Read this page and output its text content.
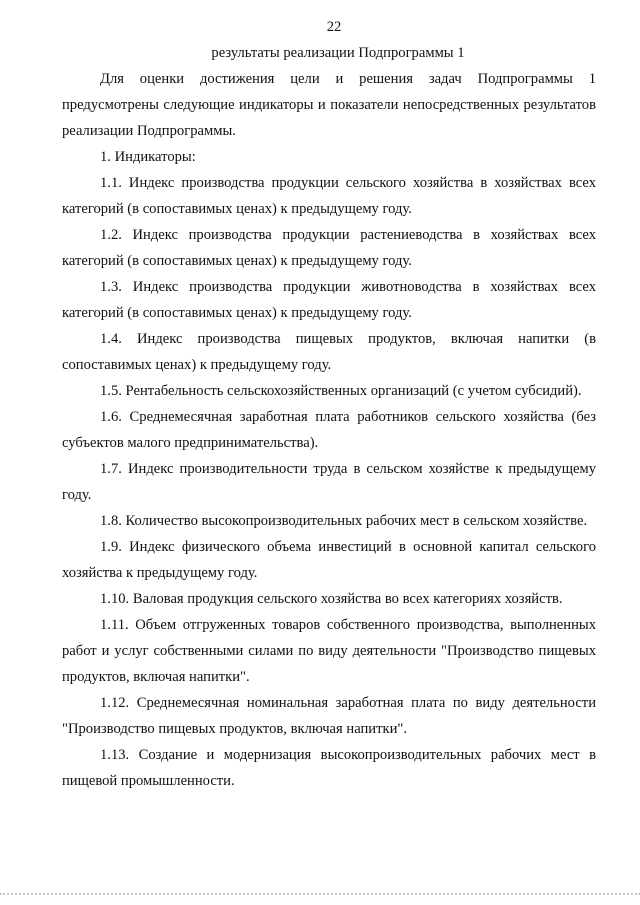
22
результаты реализации Подпрограммы 1

Для оценки достижения цели и решения задач Подпрограммы 1 предусмотрены следующие индикаторы и показатели непосредственных результатов реализации Подпрограммы.

1. Индикаторы:

1.1. Индекс производства продукции сельского хозяйства в хозяйствах всех категорий (в сопоставимых ценах) к предыдущему году.

1.2. Индекс производства продукции растениеводства в хозяйствах всех категорий (в сопоставимых ценах) к предыдущему году.

1.3. Индекс производства продукции животноводства в хозяйствах всех категорий (в сопоставимых ценах) к предыдущему году.

1.4. Индекс производства пищевых продуктов, включая напитки (в сопоставимых ценах) к предыдущему году.

1.5. Рентабельность сельскохозяйственных организаций (с учетом субсидий).

1.6. Среднемесячная заработная плата работников сельского хозяйства (без субъектов малого предпринимательства).

1.7. Индекс производительности труда в сельском хозяйстве к предыдущему году.

1.8. Количество высокопроизводительных рабочих мест в сельском хозяйстве.

1.9. Индекс физического объема инвестиций в основной капитал сельского хозяйства к предыдущему году.

1.10. Валовая продукция сельского хозяйства во всех категориях хозяйств.

1.11. Объем отгруженных товаров собственного производства, выполненных работ и услуг собственными силами по виду деятельности "Производство пищевых продуктов, включая напитки".

1.12. Среднемесячная номинальная заработная плата по виду деятельности "Производство пищевых продуктов, включая напитки".

1.13. Создание и модернизация высокопроизводительных рабочих мест в пищевой промышленности.
